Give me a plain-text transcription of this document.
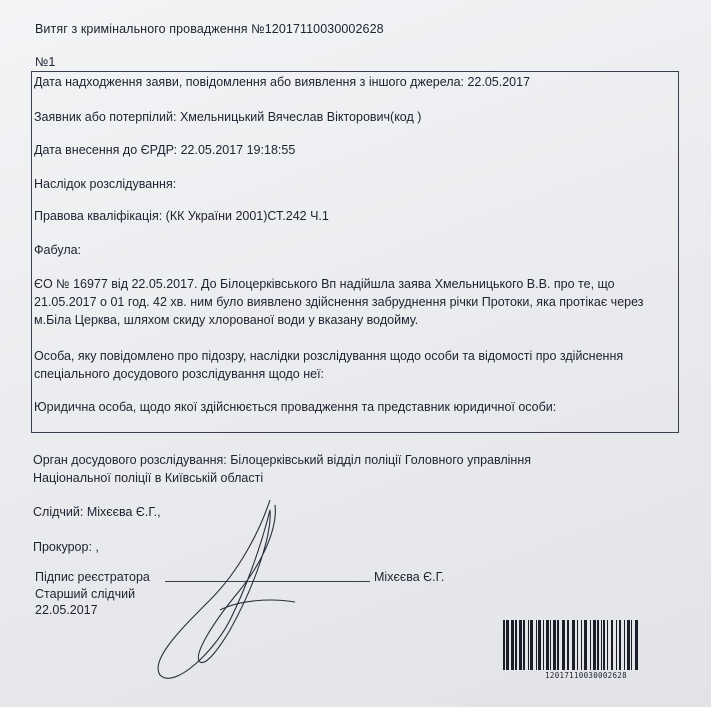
Витяг з кримінального провадження №12017110030002628
№1
Дата надходження заяви, повідомлення або виявлення з іншого джерела: 22.05.2017
Заявник або потерпілий: Хмельницький Вячеслав Вікторович(код )
Дата внесення до ЄРДР: 22.05.2017 19:18:55
Наслідок розслідування:
Правова кваліфікація: (КК України 2001)СТ.242 Ч.1
Фабула:
ЄО № 16977 від 22.05.2017. До Білоцерківського Вп надійшла заява Хмельницького В.В. про те, що 21.05.2017 о 01 год. 42 хв. ним було виявлено здійснення забруднення річки Протоки, яка протікає через м.Біла Церква, шляхом скиду хлорованої води у вказану водойму.
Особа, яку повідомлено про підозру, наслідки розслідування щодо особи та відомості про здійснення спеціального досудового розслідування щодо неї:
Юридична особа, щодо якої здійснюється провадження та представник юридичної особи:
Орган досудового розслідування: Білоцерківський відділ поліції Головного управління
Національної поліції в Київській області
Слідчий: Міхєєва Є.Г.,
Прокурор: ,
Підпис реєстратора	Міхєєва Є.Г.
Старший слідчий
22.05.2017
12017110030002628
